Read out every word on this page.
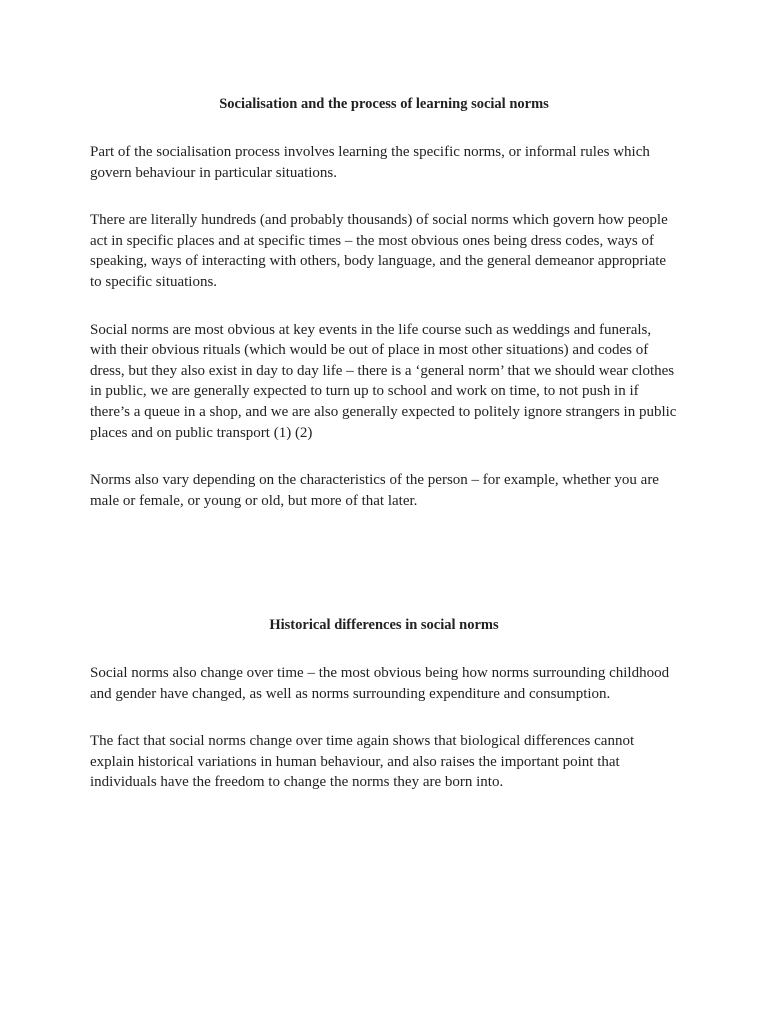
Socialisation and the process of learning social norms

Part of the socialisation process involves learning the specific norms, or informal rules which govern behaviour in particular situations.

There are literally hundreds (and probably thousands) of social norms which govern how people act in specific places and at specific times – the most obvious ones being dress codes, ways of speaking, ways of interacting with others, body language, and the general demeanor appropriate to specific situations.

Social norms are most obvious at key events in the life course such as weddings and funerals, with their obvious rituals (which would be out of place in most other situations) and codes of dress, but they also exist in day to day life – there is a ‘general norm’ that we should wear clothes in public, we are generally expected to turn up to school and work on time, to not push in if there’s a queue in a shop, and we are also generally expected to politely ignore strangers in public places and on public transport (1) (2)

Norms also vary depending on the characteristics of the person – for example, whether you are male or female, or young or old, but more of that later.

Historical differences in social norms

Social norms also change over time – the most obvious being how norms surrounding childhood and gender have changed, as well as norms surrounding expenditure and consumption.

The fact that social norms change over time again shows that biological differences cannot explain historical variations in human behaviour, and also raises the important point that individuals have the freedom to change the norms they are born into.
